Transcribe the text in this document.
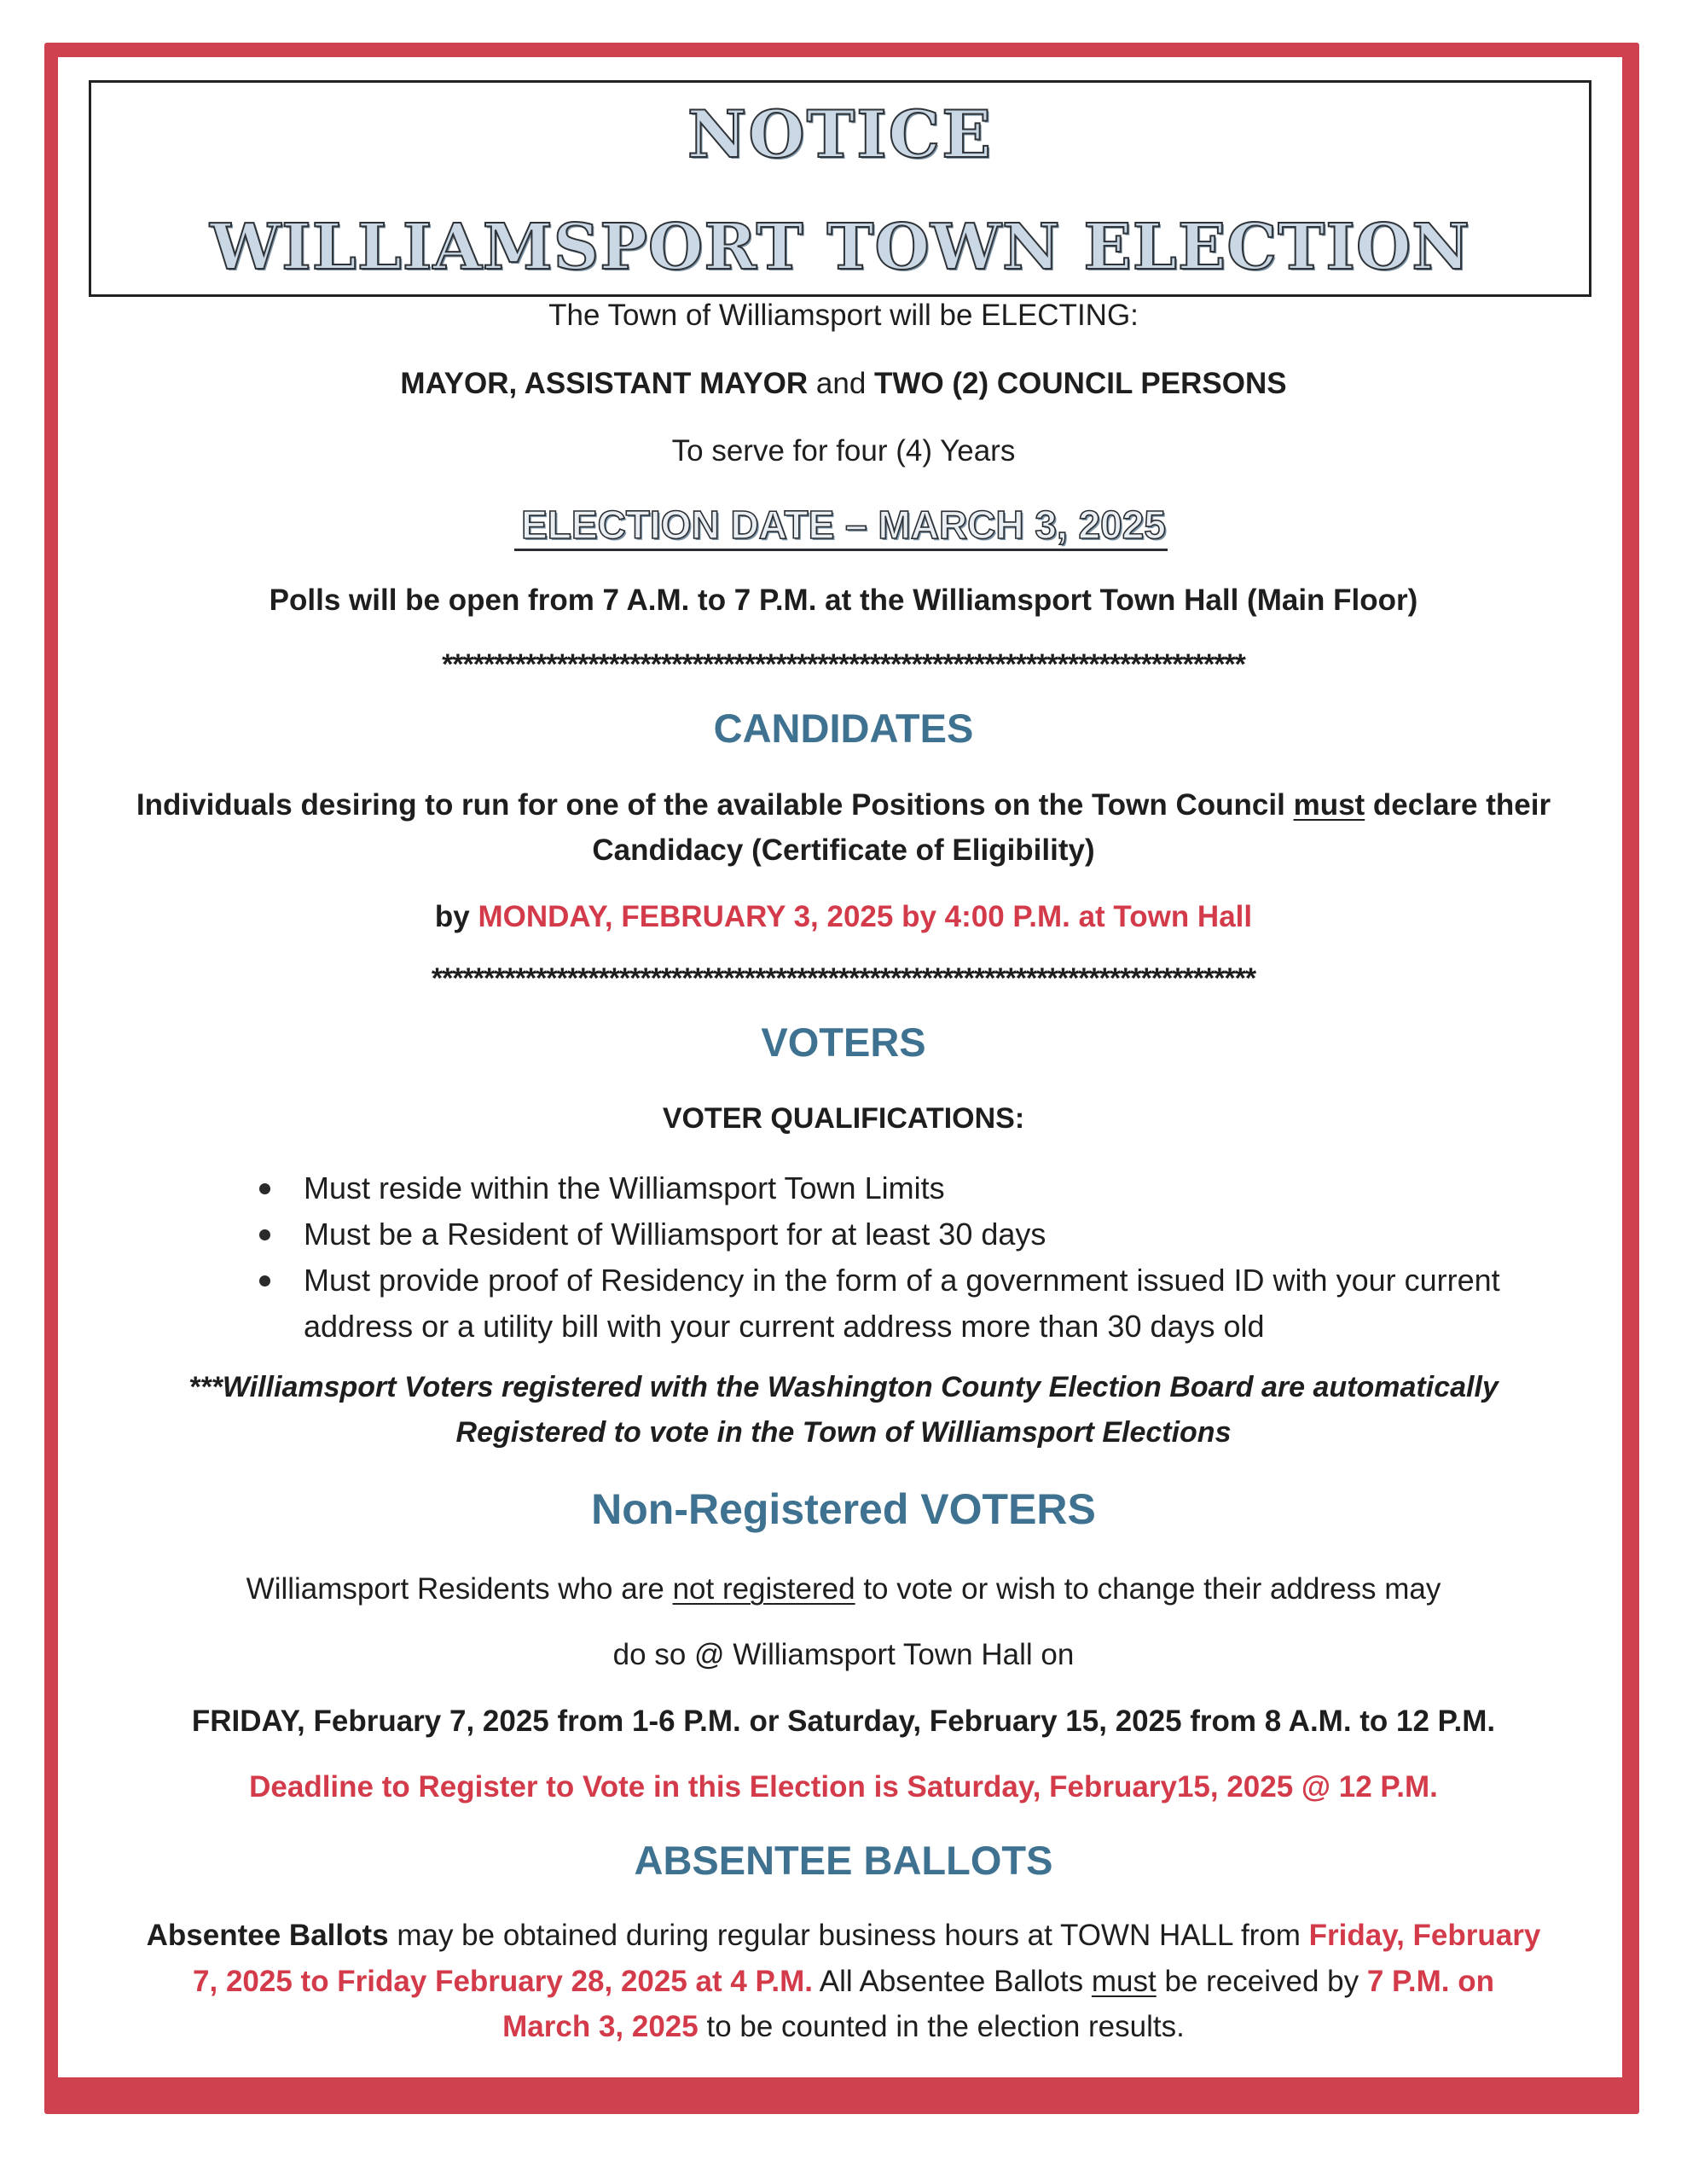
NOTICE
WILLIAMSPORT TOWN ELECTION
The Town of Williamsport will be ELECTING:
MAYOR, ASSISTANT MAYOR and TWO (2) COUNCIL PERSONS
To serve for four (4) Years
ELECTION DATE – MARCH 3, 2025
Polls will be open from 7 A.M. to 7 P.M. at the Williamsport Town Hall (Main Floor)
*****************************************************************************
CANDIDATES
Individuals desiring to run for one of the available Positions on the Town Council must declare their
Candidacy (Certificate of Eligibility)
by MONDAY, FEBRUARY 3, 2025 by 4:00 P.M. at Town Hall
*******************************************************************************
VOTERS
VOTER QUALIFICATIONS:
Must reside within the Williamsport Town Limits
Must be a Resident of Williamsport for at least 30 days
Must provide proof of Residency in the form of a government issued ID with your current address or a utility bill with your current address more than 30 days old
***Williamsport Voters registered with the Washington County Election Board are automatically
Registered to vote in the Town of Williamsport Elections
Non-Registered VOTERS
Williamsport Residents who are not registered to vote or wish to change their address may
do so @ Williamsport Town Hall on
FRIDAY, February 7, 2025 from 1-6 P.M. or Saturday, February 15, 2025 from 8 A.M. to 12 P.M.
Deadline to Register to Vote in this Election is Saturday, February15, 2025 @ 12 P.M.
ABSENTEE BALLOTS
Absentee Ballots may be obtained during regular business hours at TOWN HALL from Friday, February
7, 2025 to Friday February 28, 2025 at 4 P.M. All Absentee Ballots must be received by 7 P.M. on
March 3, 2025 to be counted in the election results.
